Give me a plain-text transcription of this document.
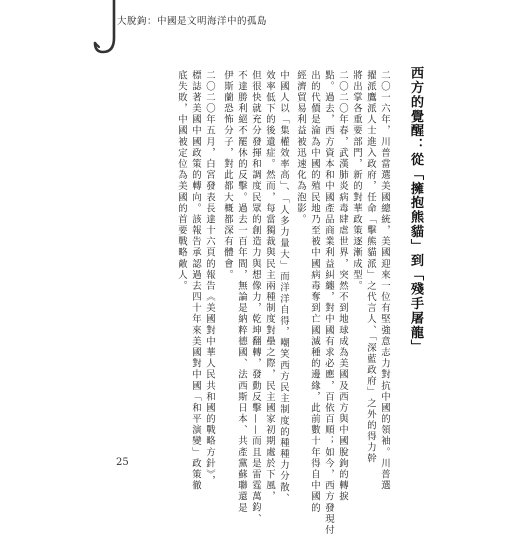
大脫鉤：中國是文明海洋中的孤島
西方的覺醒：從「擁抱熊貓」到「殘手屠龍」
二〇一六年，川普當選美國總統，美國迎來一位有堅強意志力對抗中國的領袖。川普選
擢派鷹派人士進入政府，任命「擊熊貓派」之代言人、「深藍政府」之外的得力幹
將出掌各重要部門，新的對華政策逐漸成型。
二〇二〇年春，武漢肺炎病毒肆虐世界，突然不到地球成為美國及西方與中國脫鉤的轉捩
點。過去，西方資本和中國產品商業利益糾纏，對中國有求必應，百依百順；如今，西方發現付
出的代價是淪為中國的殖民地乃至被中國病毒奪到亡國滅種的邊緣，此前數十年得自中國的
經濟貿易利益被迅速化為泡影。
中國人以「集權效率高」、「人多力量大」而洋洋自得，嘲笑西方民主制度的種種力分散、
效率低下的後遺症。然而，每當獨裁與民主兩種制度對壘之際，民主國家初期處於下風，
但很快就充分發揮和調度民眾的創造力與想像力，乾坤翻轉，發動反擊——而且是雷霆萬鈞、
不達勝利絕不罷休的反擊。過去一百年間，無論是納粹德國、法西斯日本、共產黨蘇聯還是
伊斯蘭恐怖分子，對此都大概都深有體會。
二〇二〇年五月，白宮發表長達十六頁的報告《美國對中華人民共和國的戰略方針》，
標誌著美國中國政策的轉向。該報告承認過去四十年來美國對中國「和平演變」政策徹
底失敗，中國被定位為美國的首要戰略敵人。
25
